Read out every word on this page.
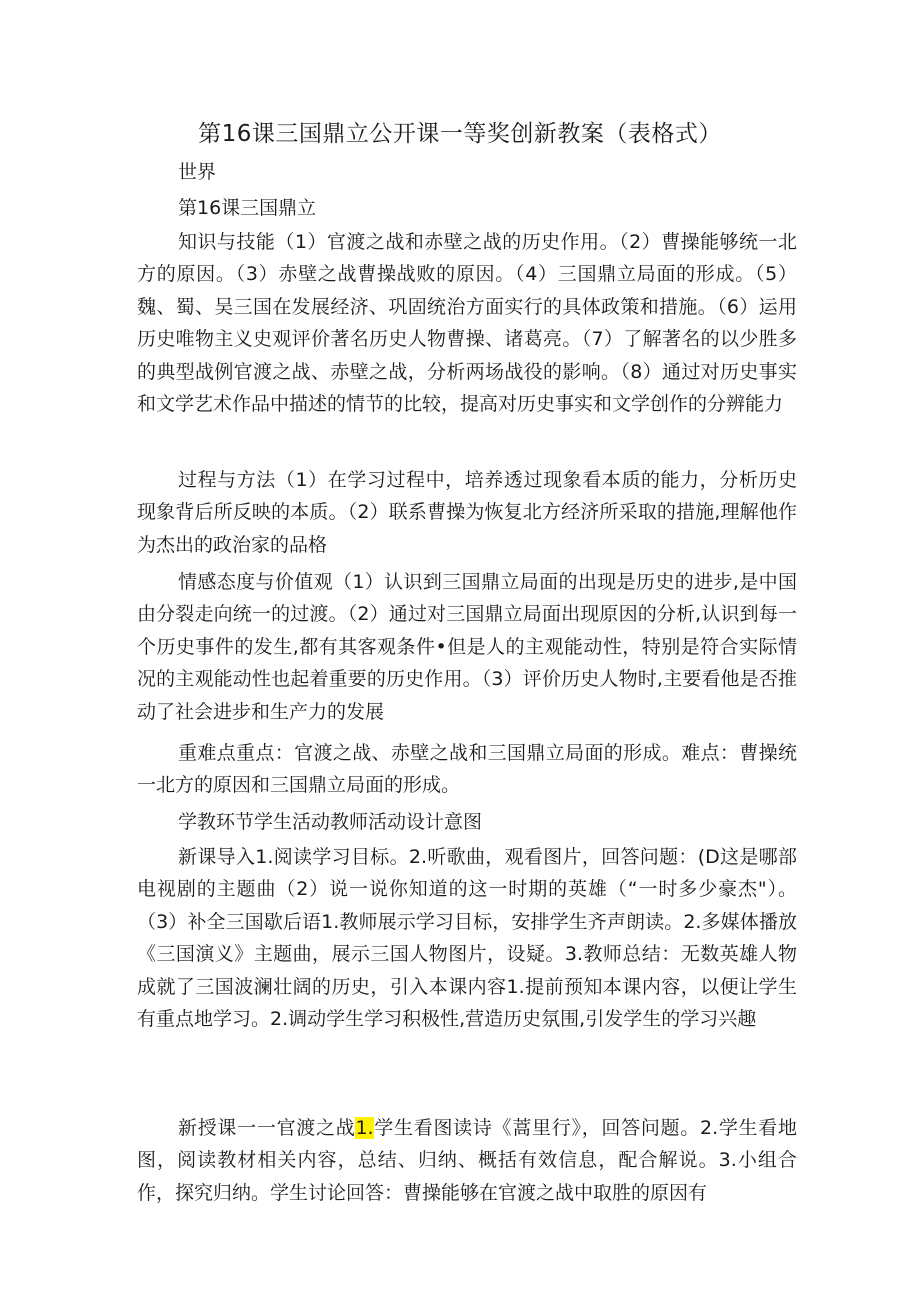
第16课三国鼎立公开课一等奖创新教案（表格式）
世界
第16课三国鼎立

知识与技能（1）官渡之战和赤壁之战的历史作用。（2）曹操能够统一北方的原因。（3）赤壁之战曹操战败的原因。（4）三国鼎立局面的形成。（5）魏、蜀、吴三国在发展经济、巩固统治方面实行的具体政策和措施。（6）运用历史唯物主义史观评价著名历史人物曹操、诸葛亮。（7）了解著名的以少胜多的典型战例官渡之战、赤壁之战，分析两场战役的影响。（8）通过对历史事实和文学艺术作品中描述的情节的比较，提高对历史事实和文学创作的分辨能力

过程与方法（1）在学习过程中，培养透过现象看本质的能力，分析历史现象背后所反映的本质。（2）联系曹操为恢复北方经济所采取的措施,理解他作为杰出的政治家的品格

情感态度与价值观（1）认识到三国鼎立局面的出现是历史的进步,是中国由分裂走向统一的过渡。（2）通过对三国鼎立局面出现原因的分析,认识到每一个历史事件的发生,都有其客观条件•但是人的主观能动性，特别是符合实际情况的主观能动性也起着重要的历史作用。（3）评价历史人物时,主要看他是否推动了社会进步和生产力的发展

重难点重点：官渡之战、赤壁之战和三国鼎立局面的形成。难点：曹操统一北方的原因和三国鼎立局面的形成。

学教环节学生活动教师活动设计意图

新课导入1.阅读学习目标。2.听歌曲，观看图片，回答问题：(D这是哪部电视剧的主题曲（2）说一说你知道的这一时期的英雄（“一时多少豪杰"）。（3）补全三国歇后语1.教师展示学习目标，安排学生齐声朗读。2.多媒体播放《三国演义》主题曲，展示三国人物图片，设疑。3.教师总结：无数英雄人物成就了三国波澜壮阔的历史，引入本课内容1.提前预知本课内容，以便让学生有重点地学习。2.调动学生学习积极性,营造历史氛围,引发学生的学习兴趣

新授课一一官渡之战1.学生看图读诗《蒿里行》，回答问题。2.学生看地图，阅读教材相关内容，总结、归纳、概括有效信息，配合解说。3.小组合作，探究归纳。学生讨论回答：曹操能够在官渡之战中取胜的原因有
